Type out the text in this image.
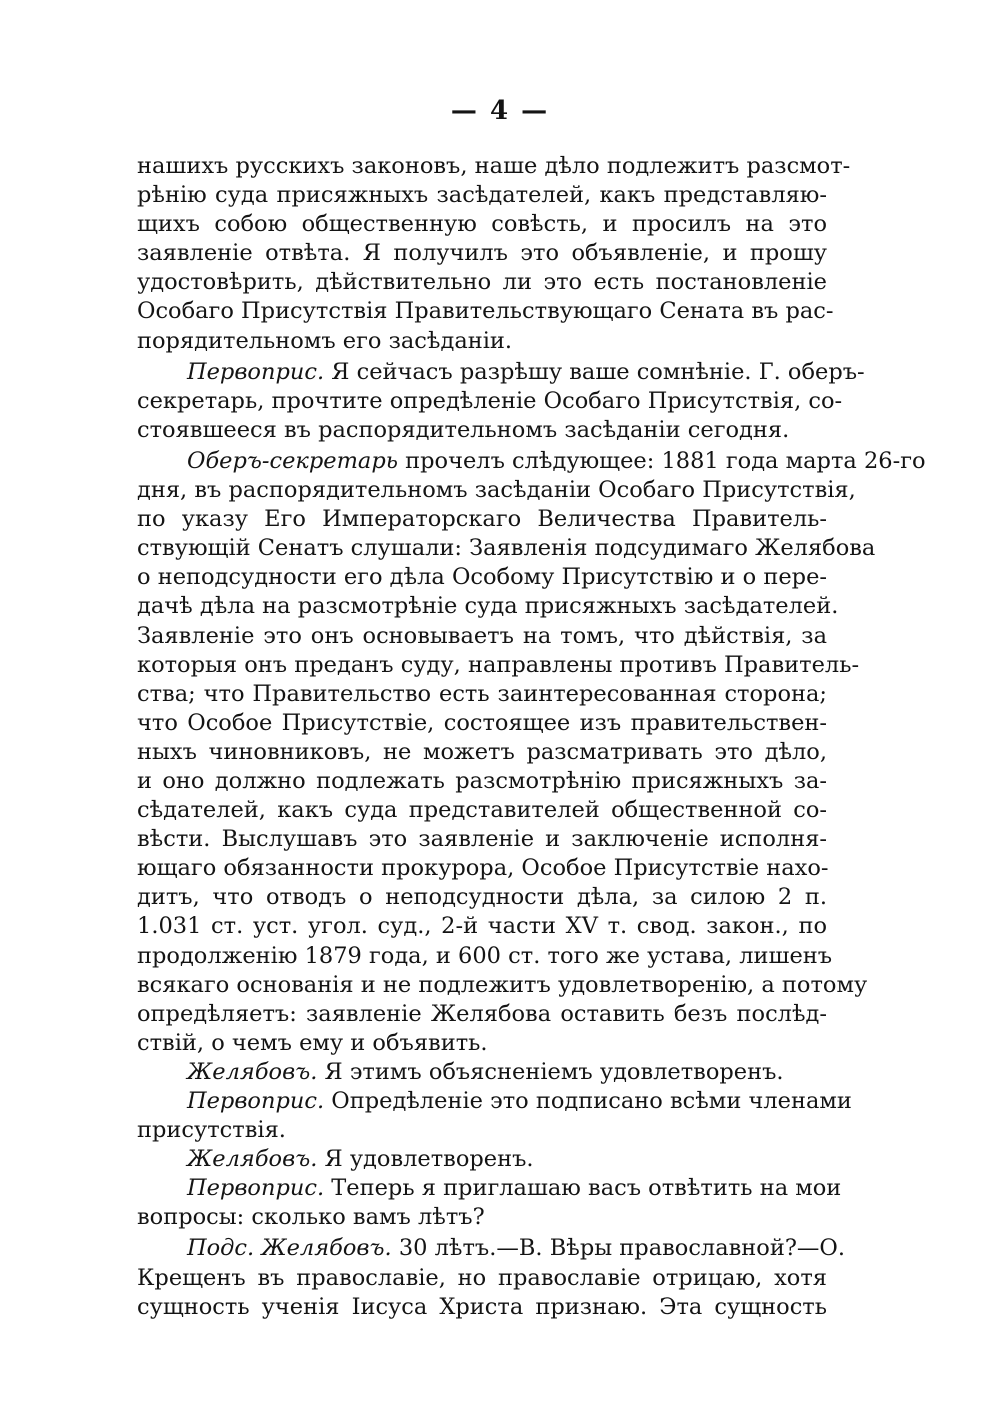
— 4 —
нашихъ русскихъ законовъ, наше дѣло подлежитъ разсмот-
рѣнію суда присяжныхъ засѣдателей, какъ представляю-
щихъ собою общественную совѣсть, и просилъ на это
заявленіе отвѣта. Я получилъ это объявленіе, и прошу
удостовѣрить, дѣйствительно ли это есть постановленіе
Особаго Присутствія Правительствующаго Сената въ рас-
порядительномъ его засѣданіи.
Первоприс. Я сейчасъ разрѣшу ваше сомнѣніе. Г. оберъ-
секретарь, прочтите опредѣленіе Особаго Присутствія, со-
стоявшееся въ распорядительномъ засѣданіи сегодня.
Оберъ-секретарь прочелъ слѣдующее: 1881 года марта 26-го
дня, въ распорядительномъ засѣданіи Особаго Присутствія,
по указу Его Императорскаго Величества Правитель-
ствующій Сенатъ слушали: Заявленія подсудимаго Желябова
о неподсудности его дѣла Особому Присутствію и о пере-
дачѣ дѣла на разсмотрѣніе суда присяжныхъ засѣдателей.
Заявленіе это онъ основываетъ на томъ, что дѣйствія, за
которыя онъ преданъ суду, направлены противъ Правитель-
ства; что Правительство есть заинтересованная сторона;
что Особое Присутствіе, состоящее изъ правительствен-
ныхъ чиновниковъ, не можетъ разсматривать это дѣло,
и оно должно подлежать разсмотрѣнію присяжныхъ за-
сѣдателей, какъ суда представителей общественной со-
вѣсти. Выслушавъ это заявленіе и заключеніе исполня-
ющаго обязанности прокурора, Особое Присутствіе нахо-
дитъ, что отводъ о неподсудности дѣла, за силою 2 п.
1.031 ст. уст. угол. суд., 2-й части XV т. свод. закон., по
продолженію 1879 года, и 600 ст. того же устава, лишенъ
всякаго основанія и не подлежитъ удовлетворенію, а потому
опредѣляетъ: заявленіе Желябова оставить безъ послѣд-
ствій, о чемъ ему и объявить.
Желябовъ. Я этимъ объясненіемъ удовлетворенъ.
Первоприс. Опредѣленіе это подписано всѣми членами
присутствія.
Желябовъ. Я удовлетворенъ.
Первоприс. Теперь я приглашаю васъ отвѣтить на мои
вопросы: сколько вамъ лѣтъ?
Подс. Желябовъ. 30 лѣтъ.—В. Вѣры православной?—О.
Крещенъ въ православіе, но православіе отрицаю, хотя
сущность ученія Іисуса Христа признаю. Эта сущность
